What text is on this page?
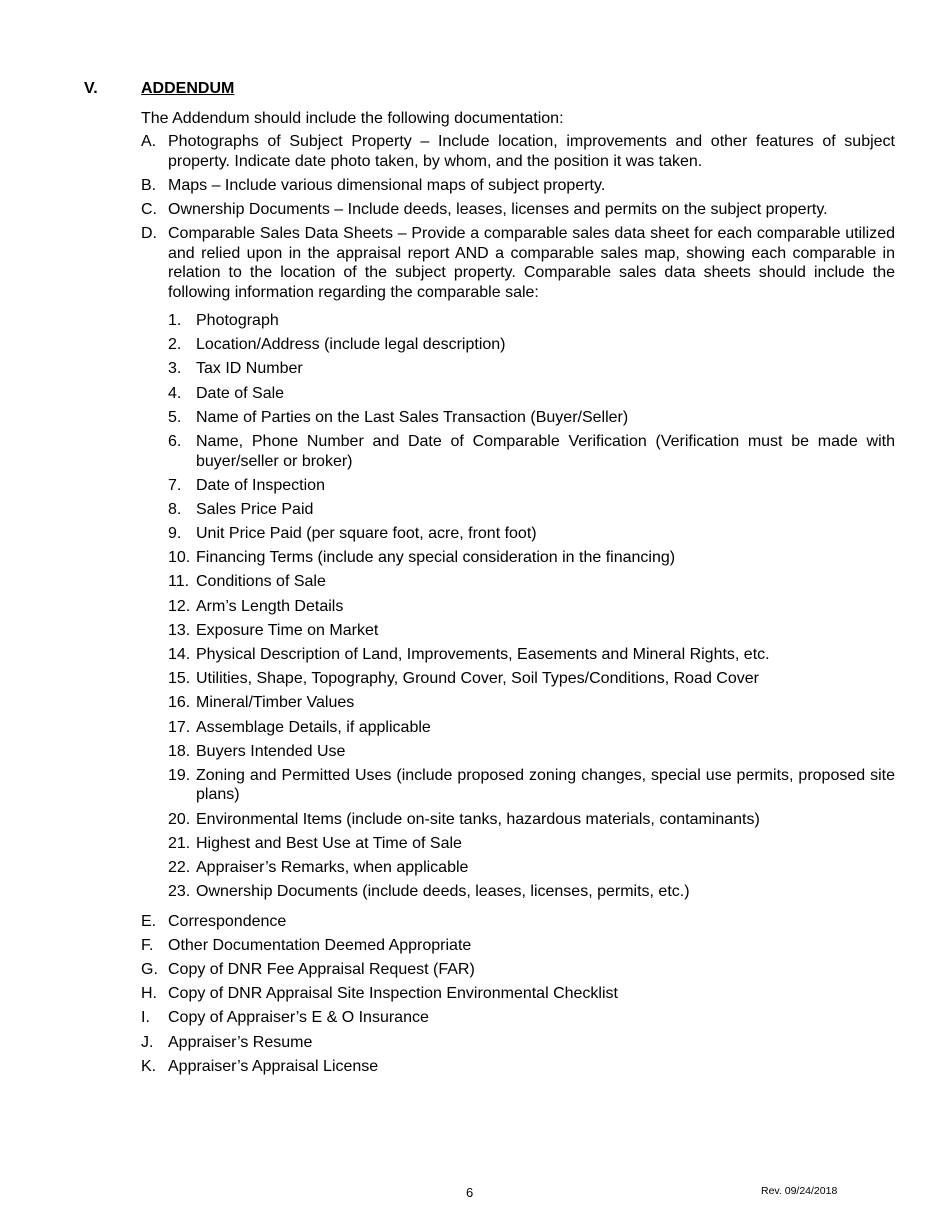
V.	ADDENDUM
The Addendum should include the following documentation:
A. Photographs of Subject Property – Include location, improvements and other features of subject property. Indicate date photo taken, by whom, and the position it was taken.
B. Maps – Include various dimensional maps of subject property.
C. Ownership Documents – Include deeds, leases, licenses and permits on the subject property.
D. Comparable Sales Data Sheets – Provide a comparable sales data sheet for each comparable utilized and relied upon in the appraisal report AND a comparable sales map, showing each comparable in relation to the location of the subject property. Comparable sales data sheets should include the following information regarding the comparable sale:
1. Photograph
2. Location/Address (include legal description)
3. Tax ID Number
4. Date of Sale
5. Name of Parties on the Last Sales Transaction (Buyer/Seller)
6. Name, Phone Number and Date of Comparable Verification (Verification must be made with buyer/seller or broker)
7. Date of Inspection
8. Sales Price Paid
9. Unit Price Paid (per square foot, acre, front foot)
10. Financing Terms (include any special consideration in the financing)
11. Conditions of Sale
12. Arm’s Length Details
13. Exposure Time on Market
14. Physical Description of Land, Improvements, Easements and Mineral Rights, etc.
15. Utilities, Shape, Topography, Ground Cover, Soil Types/Conditions, Road Cover
16. Mineral/Timber Values
17. Assemblage Details, if applicable
18. Buyers Intended Use
19. Zoning and Permitted Uses (include proposed zoning changes, special use permits, proposed site plans)
20. Environmental Items (include on-site tanks, hazardous materials, contaminants)
21. Highest and Best Use at Time of Sale
22. Appraiser’s Remarks, when applicable
23. Ownership Documents (include deeds, leases, licenses, permits, etc.)
E. Correspondence
F. Other Documentation Deemed Appropriate
G. Copy of DNR Fee Appraisal Request (FAR)
H. Copy of DNR Appraisal Site Inspection Environmental Checklist
I. Copy of Appraiser’s E & O Insurance
J. Appraiser’s Resume
K. Appraiser’s Appraisal License
6	Rev. 09/24/2018
